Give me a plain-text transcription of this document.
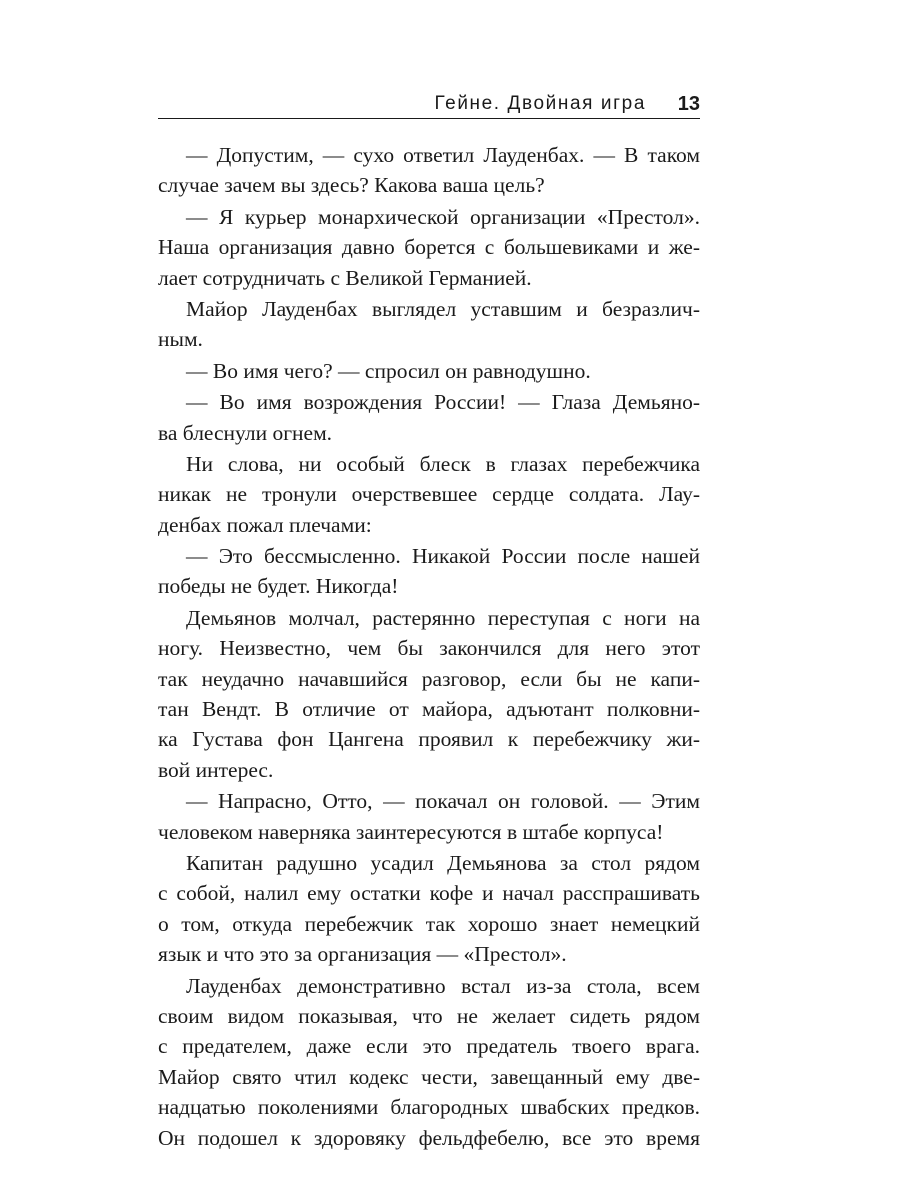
Гейне. Двойная игра 13
— Допустим, — сухо ответил Лауденбах. — В таком
случае зачем вы здесь? Какова ваша цель?
— Я курьер монархической организации «Престол».
Наша организация давно борется с большевиками и же-
лает сотрудничать с Великой Германией.
Майор Лауденбах выглядел уставшим и безразлич-
ным.
— Во имя чего? — спросил он равнодушно.
— Во имя возрождения России! — Глаза Демьяно-
ва блеснули огнем.
Ни слова, ни особый блеск в глазах перебежчика
никак не тронули очерствевшее сердце солдата. Лау-
денбах пожал плечами:
— Это бессмысленно. Никакой России после нашей
победы не будет. Никогда!
Демьянов молчал, растерянно переступая с ноги на
ногу. Неизвестно, чем бы закончился для него этот
так неудачно начавшийся разговор, если бы не капи-
тан Вендт. В отличие от майора, адъютант полковни-
ка Густава фон Цангена проявил к перебежчику жи-
вой интерес.
— Напрасно, Отто, — покачал он головой. — Этим
человеком наверняка заинтересуются в штабе корпуса!
Капитан радушно усадил Демьянова за стол рядом
с собой, налил ему остатки кофе и начал расспрашивать
о том, откуда перебежчик так хорошо знает немецкий
язык и что это за организация — «Престол».
Лауденбах демонстративно встал из-за стола, всем
своим видом показывая, что не желает сидеть рядом
с предателем, даже если это предатель твоего врага.
Майор свято чтил кодекс чести, завещанный ему две-
надцатью поколениями благородных швабских предков.
Он подошел к здоровяку фельдфебелю, все это время
